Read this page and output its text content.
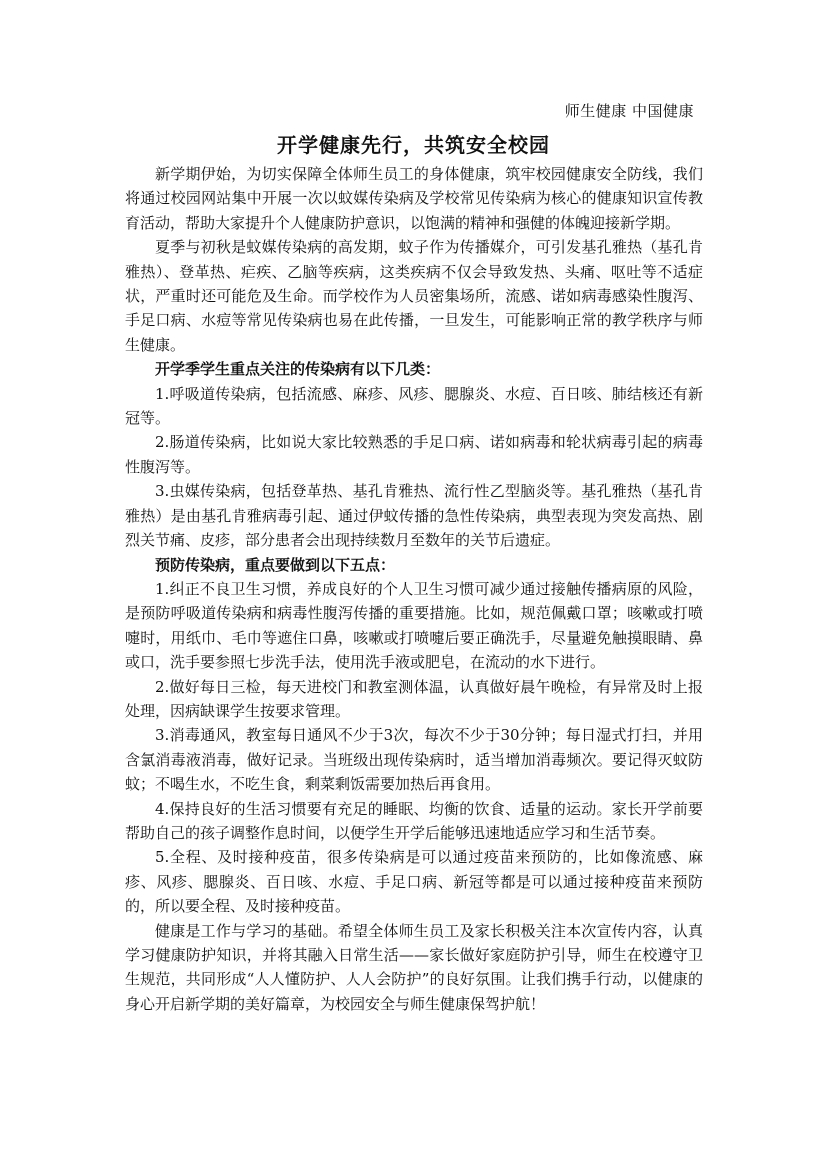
师生健康 中国健康
开学健康先行，共筑安全校园

新学期伊始，为切实保障全体师生员工的身体健康，筑牢校园健康安全防线，我们将通过校园网站集中开展一次以蚊媒传染病及学校常见传染病为核心的健康知识宣传教育活动，帮助大家提升个人健康防护意识，以饱满的精神和强健的体魄迎接新学期。

夏季与初秋是蚊媒传染病的高发期，蚊子作为传播媒介，可引发基孔雅热（基孔肯雅热）、登革热、疟疾、乙脑等疾病，这类疾病不仅会导致发热、头痛、呕吐等不适症状，严重时还可能危及生命。而学校作为人员密集场所，流感、诺如病毒感染性腹泻、手足口病、水痘等常见传染病也易在此传播，一旦发生，可能影响正常的教学秩序与师生健康。

开学季学生重点关注的传染病有以下几类：

1.呼吸道传染病，包括流感、麻疹、风疹、腮腺炎、水痘、百日咳、肺结核还有新冠等。

2.肠道传染病，比如说大家比较熟悉的手足口病、诺如病毒和轮状病毒引起的病毒性腹泻等。

3.虫媒传染病，包括登革热、基孔肯雅热、流行性乙型脑炎等。基孔雅热（基孔肯雅热）是由基孔肯雅病毒引起、通过伊蚊传播的急性传染病，典型表现为突发高热、剧烈关节痛、皮疹，部分患者会出现持续数月至数年的关节后遗症。

预防传染病，重点要做到以下五点：

1.纠正不良卫生习惯，养成良好的个人卫生习惯可减少通过接触传播病原的风险，是预防呼吸道传染病和病毒性腹泻传播的重要措施。比如，规范佩戴口罩；咳嗽或打喷嚏时，用纸巾、毛巾等遮住口鼻，咳嗽或打喷嚏后要正确洗手，尽量避免触摸眼睛、鼻或口，洗手要参照七步洗手法，使用洗手液或肥皂，在流动的水下进行。

2.做好每日三检，每天进校门和教室测体温，认真做好晨午晚检，有异常及时上报处理，因病缺课学生按要求管理。

3.消毒通风，教室每日通风不少于3次，每次不少于30分钟；每日湿式打扫，并用含氯消毒液消毒，做好记录。当班级出现传染病时，适当增加消毒频次。要记得灭蚊防蚊；不喝生水，不吃生食，剩菜剩饭需要加热后再食用。

4.保持良好的生活习惯要有充足的睡眠、均衡的饮食、适量的运动。家长开学前要帮助自己的孩子调整作息时间，以便学生开学后能够迅速地适应学习和生活节奏。

5.全程、及时接种疫苗，很多传染病是可以通过疫苗来预防的，比如像流感、麻疹、风疹、腮腺炎、百日咳、水痘、手足口病、新冠等都是可以通过接种疫苗来预防的，所以要全程、及时接种疫苗。

健康是工作与学习的基础。希望全体师生员工及家长积极关注本次宣传内容，认真学习健康防护知识，并将其融入日常生活——家长做好家庭防护引导，师生在校遵守卫生规范，共同形成“人人懂防护、人人会防护”的良好氛围。让我们携手行动，以健康的身心开启新学期的美好篇章，为校园安全与师生健康保驾护航！
